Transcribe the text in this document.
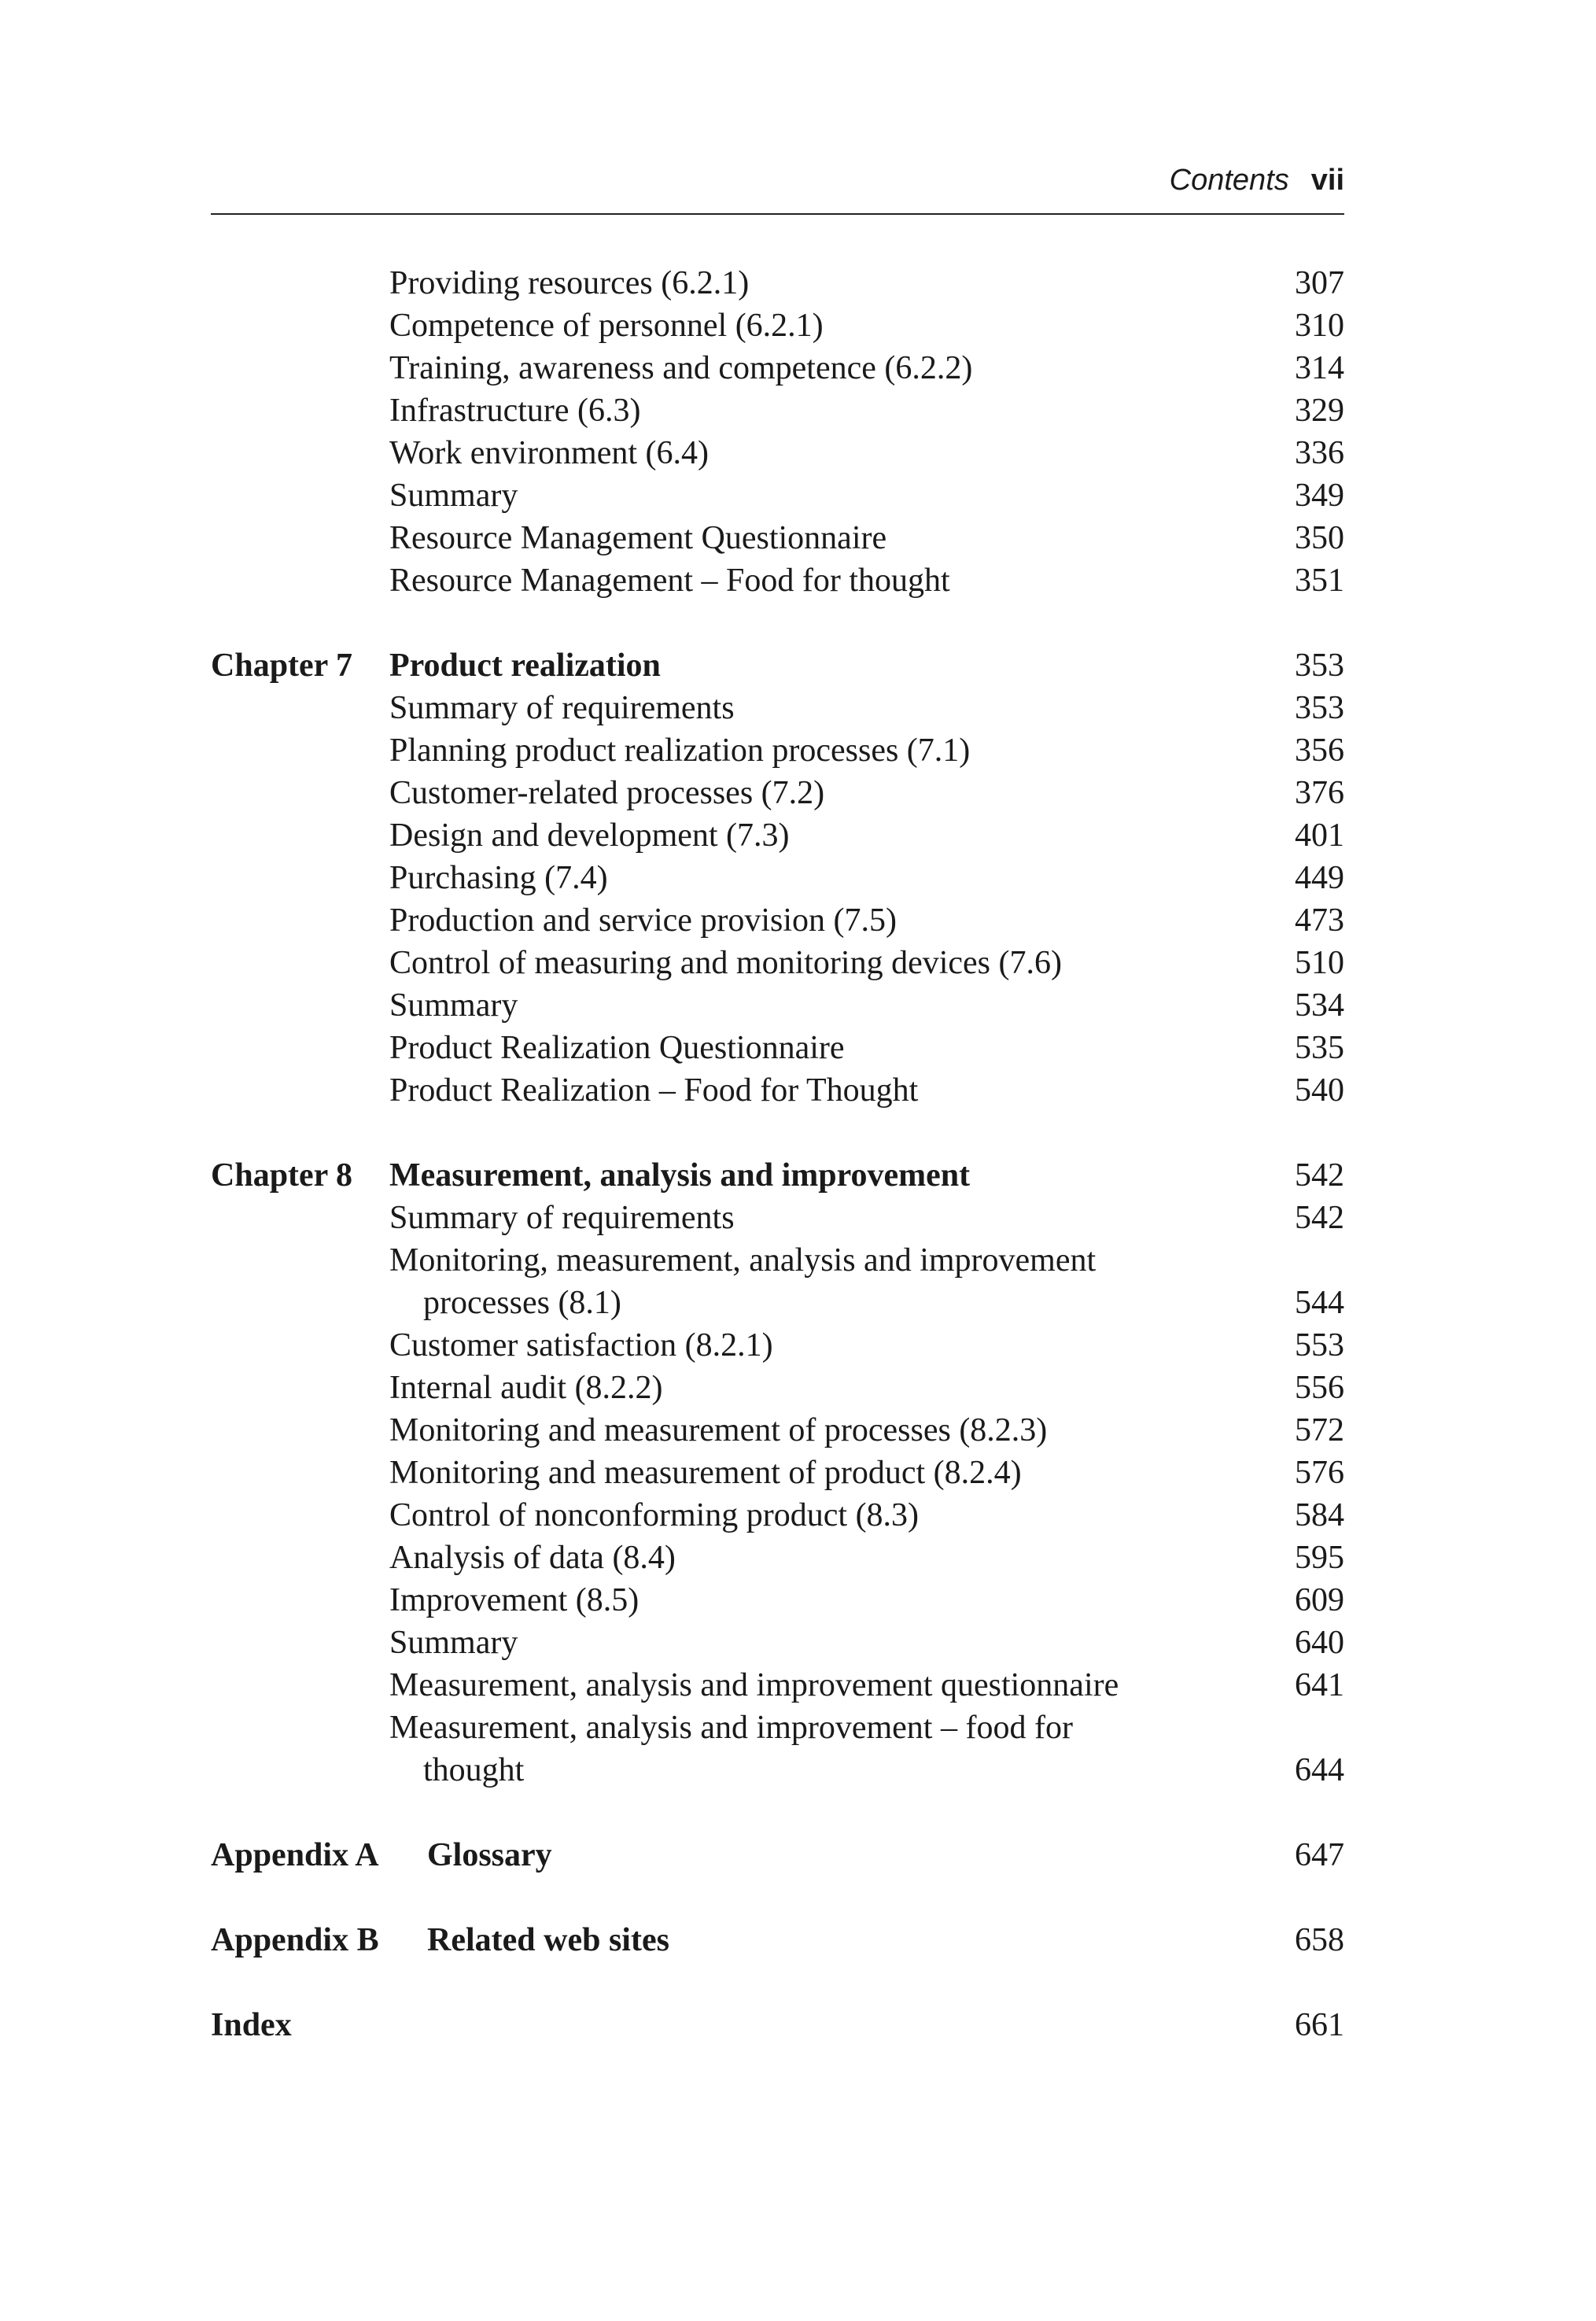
Contents vii
Providing resources (6.2.1)	307
Competence of personnel (6.2.1)	310
Training, awareness and competence (6.2.2)	314
Infrastructure (6.3)	329
Work environment (6.4)	336
Summary	349
Resource Management Questionnaire	350
Resource Management – Food for thought	351
Chapter 7 Product realization	353
Summary of requirements	353
Planning product realization processes (7.1)	356
Customer-related processes (7.2)	376
Design and development (7.3)	401
Purchasing (7.4)	449
Production and service provision (7.5)	473
Control of measuring and monitoring devices (7.6)	510
Summary	534
Product Realization Questionnaire	535
Product Realization – Food for Thought	540
Chapter 8 Measurement, analysis and improvement	542
Summary of requirements	542
Monitoring, measurement, analysis and improvement
processes (8.1)	544
Customer satisfaction (8.2.1)	553
Internal audit (8.2.2)	556
Monitoring and measurement of processes (8.2.3)	572
Monitoring and measurement of product (8.2.4)	576
Control of nonconforming product (8.3)	584
Analysis of data (8.4)	595
Improvement (8.5)	609
Summary	640
Measurement, analysis and improvement questionnaire	641
Measurement, analysis and improvement – food for
thought	644
Appendix A Glossary	647
Appendix B Related web sites	658
Index	661
